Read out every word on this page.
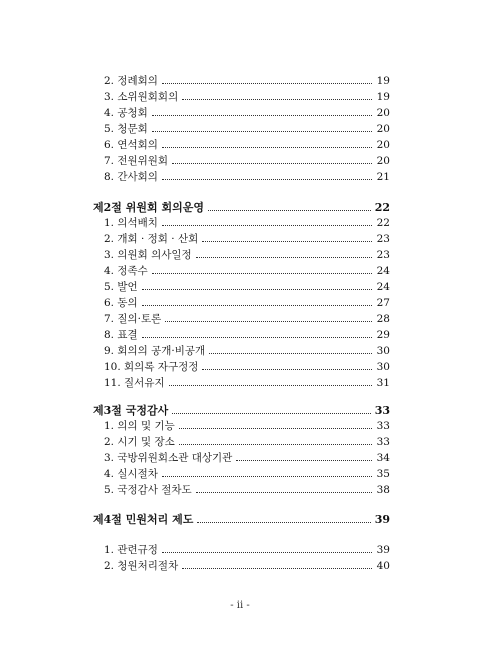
2. 정례회의	19
3. 소위원회회의	19
4. 공청회	20
5. 청문회	20
6. 연석회의	20
7. 전원위원회	20
8. 간사회의	21
제2절 위원회 회의운영	22
1. 의석배치	22
2. 개회 · 정회 · 산회	23
3. 의원회 의사일정	23
4. 정족수	24
5. 발언	24
6. 동의	27
7. 질의·토론	28
8. 표결	29
9. 회의의 공개·비공개	30
10. 회의록 자구정정	30
11. 질서유지	31
제3절 국정감사	33
1. 의의 및 기능	33
2. 시기 및 장소	33
3. 국방위원회소관 대상기관	34
4. 실시절차	35
5. 국정감사 절차도	38
제4절 민원처리 제도	39
1. 관련규정	39
2. 청원처리절차	40
- ii -
